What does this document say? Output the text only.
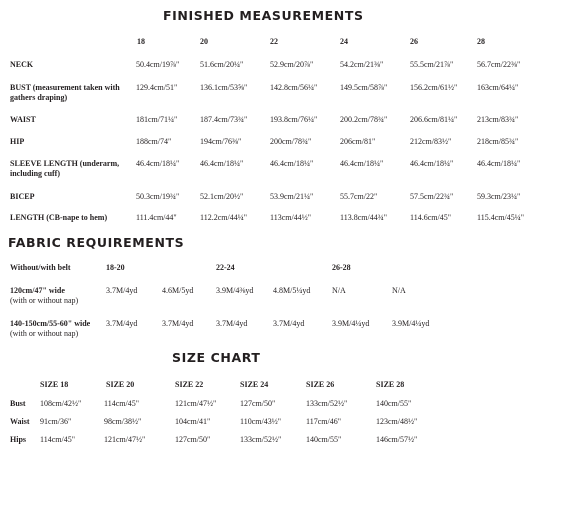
FINISHED MEASUREMENTS
18	20	22	24	26	28
NECK	50.4cm/19⅞"	51.6cm/20¼"	52.9cm/20⅞"	54.2cm/21⅜"	55.5cm/21⅞"	56.7cm/22⅜"
BUST (measurement taken with
gathers draping)
129.4cm/51"	136.1cm/53⅝"	142.8cm/56¼"	149.5cm/58⅞"	156.2cm/61½" 163cm/64¼"
WAIST	181cm/71¼"	187.4cm/73¾"	193.8cm/76¼"	200.2cm/78¾"	206.6cm/81¼" 213cm/83¾"
HIP	188cm/74"	194cm/76⅜"	200cm/78¾"	206cm/81"	212cm/83½"	218cm/85¾"
SLEEVE LENGTH (underarm,
including cuff)
46.4cm/18¼"	46.4cm/18¼"	46.4cm/18¼"	46.4cm/18¼"	46.4cm/18¼"	46.4cm/18¼"
BICEP	50.3cm/19¾"	52.1cm/20½"	53.9cm/21¼"	55.7cm/22"	57.5cm/22¾"	59.3cm/23¼"
LENGTH (CB-nape to hem)	111.4cm/44"	112.2cm/44¼"	113cm/44½"	113.8cm/44¾"	114.6cm/45"	115.4cm/45¼"
FABRIC REQUIREMENTS
Without/with belt	18-20	22-24	26-28
120cm/47" wide
(with or without nap)
3.7M/4yd	4.6M/5yd	3.9M/4⅜yd 4.8M/5¼yd	N/A	N/A
140-150cm/55-60" wide
(with or without nap)
3.7M/4yd	3.7M/4yd	3.7M/4yd	3.7M/4yd	3.9M/4¼yd	3.9M/4¼yd
SIZE CHART
SIZE 18	SIZE 20	SIZE 22	SIZE 24	SIZE 26	SIZE 28
Bust 108cm/42½"	114cm/45"	121cm/47½"	127cm/50"	133cm/52½"	140cm/55"
Waist 91cm/36"	98cm/38½"	104cm/41"	110cm/43½"	117cm/46"	123cm/48½"
Hips 114cm/45"	121cm/47½"	127cm/50"	133cm/52½"	140cm/55"	146cm/57½"
